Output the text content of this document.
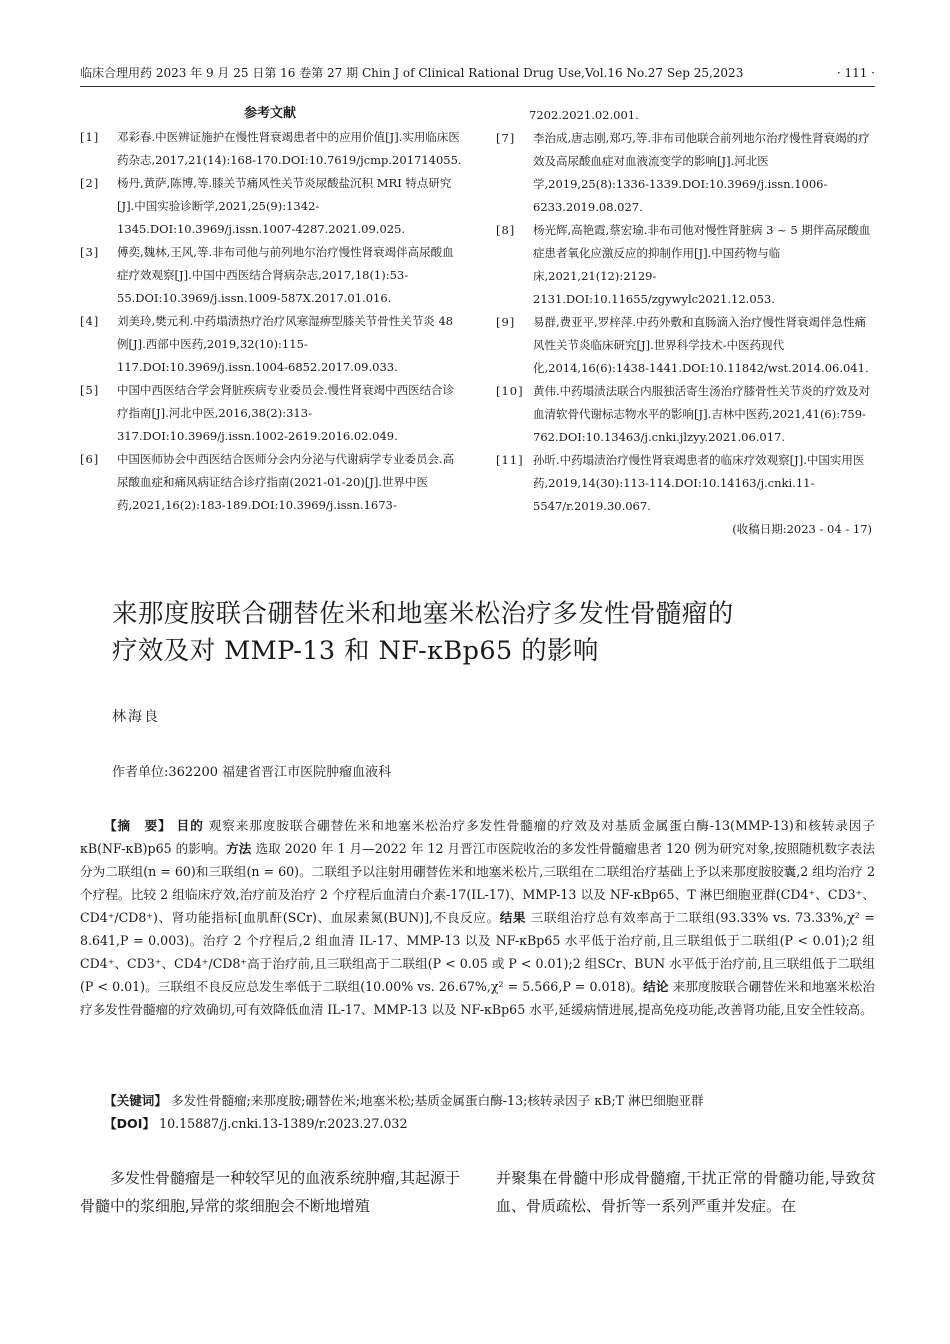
临床合理用药 2023 年 9 月 25 日第 16 卷第 27 期 Chin J of Clinical Rational Drug Use,Vol.16 No.27 Sep 25,2023	· 111 ·
参考文献
[1] 邓彩春.中医辨证施护在慢性肾衰竭患者中的应用价值[J].实用临床医药杂志,2017,21(14):168-170.DOI:10.7619/jcmp.201714055.
[2] 杨丹,黄萨,陈博,等.膝关节痛风性关节炎尿酸盐沉积 MRI 特点研究[J].中国实验诊断学,2021,25(9):1342-1345.DOI:10.3969/j.issn.1007-4287.2021.09.025.
[3] 傅奕,魏林,王风,等.非布司他与前列地尔治疗慢性肾衰竭伴高尿酸血症疗效观察[J].中国中西医结合肾病杂志,2017,18(1):53-55.DOI:10.3969/j.issn.1009-587X.2017.01.016.
[4] 刘美玲,樊元利.中药塌渍热疗治疗风寒湿痹型膝关节骨性关节炎 48 例[J].西部中医药,2019,32(10):115-117.DOI:10.3969/j.issn.1004-6852.2017.09.033.
[5] 中国中西医结合学会肾脏疾病专业委员会.慢性肾衰竭中西医结合诊疗指南[J].河北中医,2016,38(2):313-317.DOI:10.3969/j.issn.1002-2619.2016.02.049.
[6] 中国医师协会中西医结合医师分会内分泌与代谢病学专业委员会.高尿酸血症和痛风病证结合诊疗指南(2021-01-20)[J].世界中医药,2021,16(2):183-189.DOI:10.3969/j.issn.1673-
7202.2021.02.001.
[7] 李治成,唐志刚,郑巧,等.非布司他联合前列地尔治疗慢性肾衰竭的疗效及高尿酸血症对血液流变学的影响[J].河北医学,2019,25(8):1336-1339.DOI:10.3969/j.issn.1006-6233.2019.08.027.
[8] 杨光辉,高艳霞,蔡宏瑜.非布司他对慢性肾脏病 3 ~ 5 期伴高尿酸血症患者氧化应激反应的抑制作用[J].中国药物与临床,2021,21(12):2129-2131.DOI:10.11655/zgywylc2021.12.053.
[9] 易群,费亚平,罗梓萍.中药外敷和直肠滴入治疗慢性肾衰竭伴急性痛风性关节炎临床研究[J].世界科学技术-中医药现代化,2014,16(6):1438-1441.DOI:10.11842/wst.2014.06.041.
[10] 黄伟.中药塌渍法联合内服独活寄生汤治疗膝骨性关节炎的疗效及对血清软骨代谢标志物水平的影响[J].吉林中医药,2021,41(6):759-762.DOI:10.13463/j.cnki.jlzyy.2021.06.017.
[11] 孙昕.中药塌渍治疗慢性肾衰竭患者的临床疗效观察[J].中国实用医药,2019,14(30):113-114.DOI:10.14163/j.cnki.11-5547/r.2019.30.067.
(收稿日期:2023 - 04 - 17)
来那度胺联合硼替佐米和地塞米松治疗多发性骨髓瘤的
疗效及对 MMP-13 和 NF-κBp65 的影响
林海良
作者单位:362200 福建省晋江市医院肿瘤血液科

【摘　要】 目的 观察来那度胺联合硼替佐米和地塞米松治疗多发性骨髓瘤的疗效及对基质金属蛋白酶-13(MMP-13)和核转录因子 κB(NF-κB)p65 的影响。方法 选取 2020 年 1 月—2022 年 12 月晋江市医院收治的多发性骨髓瘤患者 120 例为研究对象,按照随机数字表法分为二联组(n = 60)和三联组(n = 60)。二联组予以注射用硼替佐米和地塞米松片,三联组在二联组治疗基础上予以来那度胺胶囊,2 组均治疗 2 个疗程。比较 2 组临床疗效,治疗前及治疗 2 个疗程后血清白介素-17(IL-17)、MMP-13 以及 NF-κBp65、T 淋巴细胞亚群(CD4⁺、CD3⁺、CD4⁺/CD8⁺)、肾功能指标[血肌酐(SCr)、血尿素氮(BUN)],不良反应。结果 三联组治疗总有效率高于二联组(93.33% vs. 73.33%,χ² = 8.641,P = 0.003)。治疗 2 个疗程后,2 组血清 IL-17、MMP-13 以及 NF-κBp65 水平低于治疗前,且三联组低于二联组(P < 0.01);2 组 CD4⁺、CD3⁺、CD4⁺/CD8⁺高于治疗前,且三联组高于二联组(P < 0.05 或 P < 0.01);2 组SCr、BUN 水平低于治疗前,且三联组低于二联组(P < 0.01)。三联组不良反应总发生率低于二联组(10.00% vs. 26.67%,χ² = 5.566,P = 0.018)。结论 来那度胺联合硼替佐米和地塞米松治疗多发性骨髓瘤的疗效确切,可有效降低血清 IL-17、MMP-13 以及 NF-κBp65 水平,延缓病情进展,提高免疫功能,改善肾功能,且安全性较高。

【关键词】 多发性骨髓瘤;来那度胺;硼替佐米;地塞米松;基质金属蛋白酶-13;核转录因子 κB;T 淋巴细胞亚群
【DOI】 10.15887/j.cnki.13-1389/r.2023.27.032
多发性骨髓瘤是一种较罕见的血液系统肿瘤,其起源于骨髓中的浆细胞,异常的浆细胞会不断地增殖
并聚集在骨髓中形成骨髓瘤,干扰正常的骨髓功能,导致贫血、骨质疏松、骨折等一系列严重并发症。在
